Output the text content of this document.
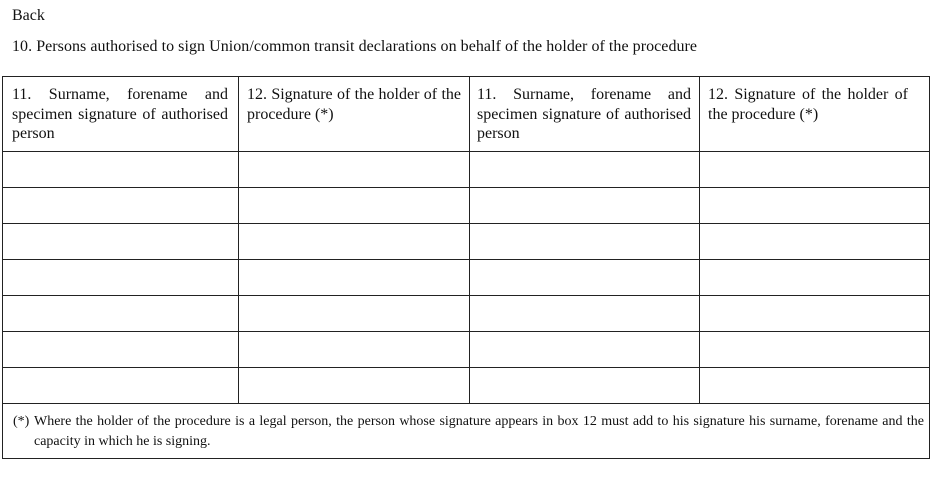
Back
10. Persons authorised to sign Union/common transit declarations on behalf of the holder of the procedure
11. Surname, forename and specimen signature of authorised person
12. Signature of the holder of the procedure (*)
11. Surname, forename and specimen signature of authorised person
12. Signature of the holder of the procedure (*)
(*) Where the holder of the procedure is a legal person, the person whose signature appears in box 12 must add to his signature his surname, forename and the capacity in which he is signing.
